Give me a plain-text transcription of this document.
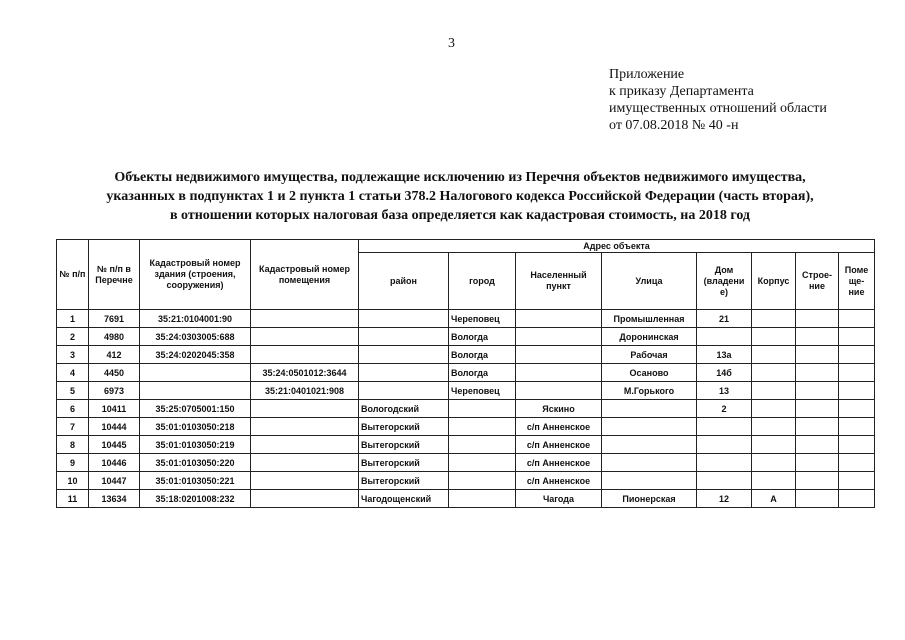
3
Приложение
к приказу Департамента
имущественных отношений области
от 07.08.2018 № 40 -н
Объекты недвижимого имущества, подлежащие исключению из Перечня объектов недвижимого имущества,
указанных в подпунктах 1 и 2 пункта 1 статьи 378.2 Налогового кодекса Российской Федерации (часть вторая),
в отношении которых налоговая база определяется как кадастровая стоимость, на 2018 год
№ п/п	№ п/п в Перечне	Кадастровый номер здания (строения, сооружения)	Кадастровый номер помещения	Адрес объекта							
				район	город	Населенный пункт	Улица	Дом (владени е)	Корпус	Строе- ние	Поме ще- ние
1	7691	35:21:0104001:90			Череповец		Промышленная	21			
2	4980	35:24:0303005:688			Вологда		Доронинская				
3	412	35:24:0202045:358			Вологда		Рабочая	13а			
4	4450		35:24:0501012:3644		Вологда		Осаново	14б			
5	6973		35:21:0401021:908		Череповец		М.Горького	13			
6	10411	35:25:0705001:150		Вологодский		Яскино		2			
7	10444	35:01:0103050:218		Вытегорский		с/п Анненское					
8	10445	35:01:0103050:219		Вытегорский		с/п Анненское					
9	10446	35:01:0103050:220		Вытегорский		с/п Анненское					
10	10447	35:01:0103050:221		Вытегорский		с/п Анненское					
11	13634	35:18:0201008:232		Чагодощенский		Чагода	Пионерская	12	А		
